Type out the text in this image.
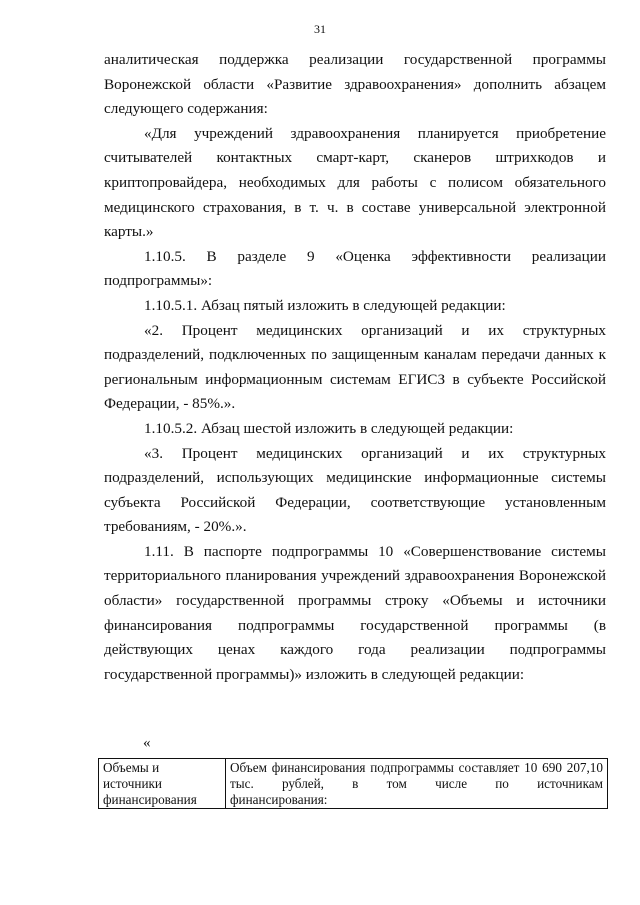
31

аналитическая поддержка реализации государственной программы Воронежской области «Развитие здравоохранения» дополнить абзацем следующего содержания:

«Для учреждений здравоохранения планируется приобретение считывателей контактных смарт-карт, сканеров штрихкодов и криптопровайдера, необходимых для работы с полисом обязательного медицинского страхования, в т. ч. в составе универсальной электронной карты.»

1.10.5. В разделе 9 «Оценка эффективности реализации подпрограммы»:

1.10.5.1. Абзац пятый изложить в следующей редакции:

«2. Процент медицинских организаций и их структурных подразделений, подключенных по защищенным каналам передачи данных к региональным информационным системам ЕГИСЗ в субъекте Российской Федерации, - 85%.».

1.10.5.2. Абзац шестой изложить в следующей редакции:

«3. Процент медицинских организаций и их структурных подразделений, использующих медицинские информационные системы субъекта Российской Федерации, соответствующие установленным требованиям, - 20%.».

1.11. В паспорте подпрограммы 10 «Совершенствование системы территориального планирования учреждений здравоохранения Воронежской области» государственной программы строку «Объемы и источники финансирования подпрограммы государственной программы (в действующих ценах каждого года реализации подпрограммы государственной программы)» изложить в следующей редакции:

«
Объемы и источники финансирования	Объем финансирования подпрограммы составляет 10 690 207,10 тыс. рублей, в том числе по источникам
финансирования:
